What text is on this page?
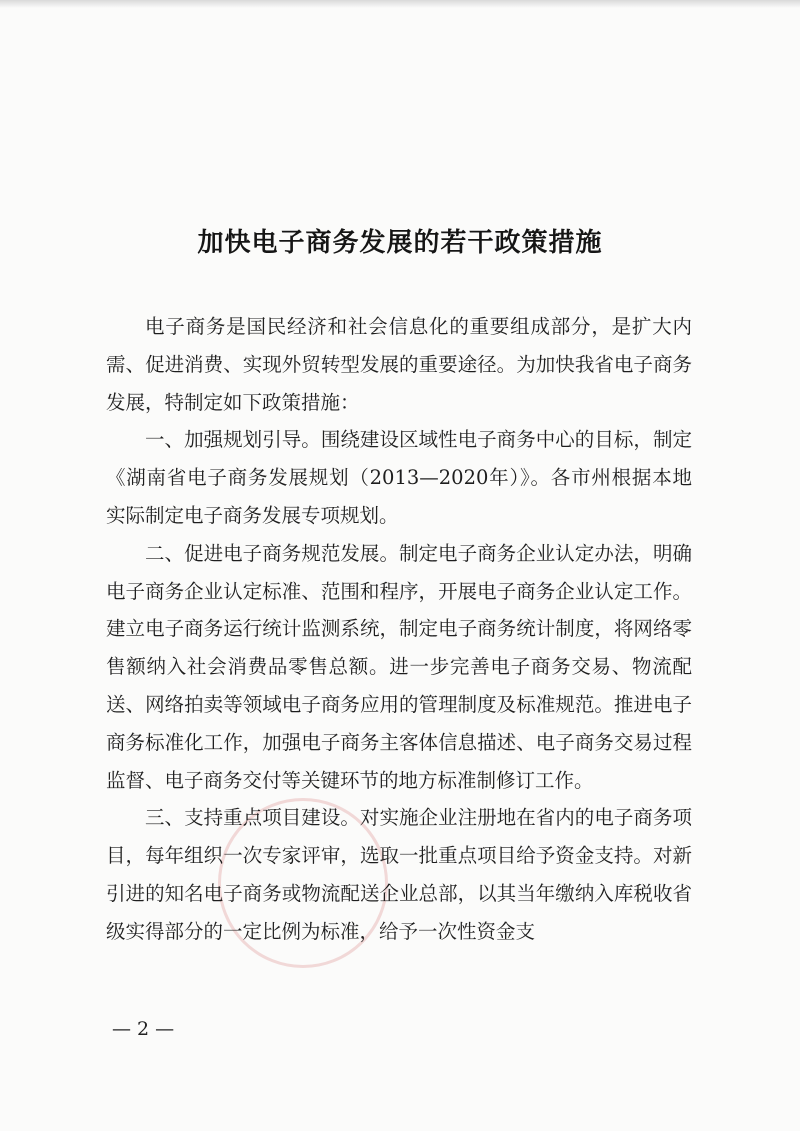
加快电子商务发展的若干政策措施

电子商务是国民经济和社会信息化的重要组成部分，是扩大内需、促进消费、实现外贸转型发展的重要途径。为加快我省电子商务发展，特制定如下政策措施：

一、加强规划引导。围绕建设区域性电子商务中心的目标，制定《湖南省电子商务发展规划（2013—2020年）》。各市州根据本地实际制定电子商务发展专项规划。

二、促进电子商务规范发展。制定电子商务企业认定办法，明确电子商务企业认定标准、范围和程序，开展电子商务企业认定工作。建立电子商务运行统计监测系统，制定电子商务统计制度，将网络零售额纳入社会消费品零售总额。进一步完善电子商务交易、物流配送、网络拍卖等领域电子商务应用的管理制度及标准规范。推进电子商务标准化工作，加强电子商务主客体信息描述、电子商务交易过程监督、电子商务交付等关键环节的地方标准制修订工作。

三、支持重点项目建设。对实施企业注册地在省内的电子商务项目，每年组织一次专家评审，选取一批重点项目给予资金支持。对新引进的知名电子商务或物流配送企业总部，以其当年缴纳入库税收省级实得部分的一定比例为标准，给予一次性资金支

— 2 —
